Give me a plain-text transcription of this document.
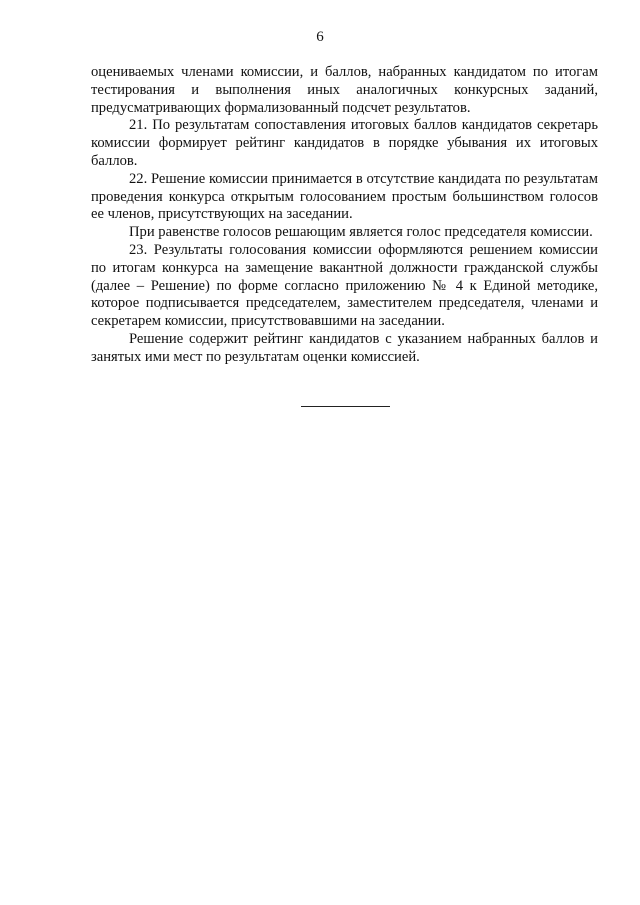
6

оцениваемых членами комиссии, и баллов, набранных кандидатом по итогам тестирования и выполнения иных аналогичных конкурсных заданий, предусматривающих формализованный подсчет результатов.

21. По результатам сопоставления итоговых баллов кандидатов секретарь комиссии формирует рейтинг кандидатов в порядке убывания их итоговых баллов.

22. Решение комиссии принимается в отсутствие кандидата по результатам проведения конкурса открытым голосованием простым большинством голосов ее членов, присутствующих на заседании.

При равенстве голосов решающим является голос председателя комиссии.

23. Результаты голосования комиссии оформляются решением комиссии по итогам конкурса на замещение вакантной должности гражданской службы (далее – Решение) по форме согласно приложению № 4 к Единой методике, которое подписывается председателем, заместителем председателя, членами и секретарем комиссии, присутствовавшими на заседании.

Решение содержит рейтинг кандидатов с указанием набранных баллов и занятых ими мест по результатам оценки комиссией.
